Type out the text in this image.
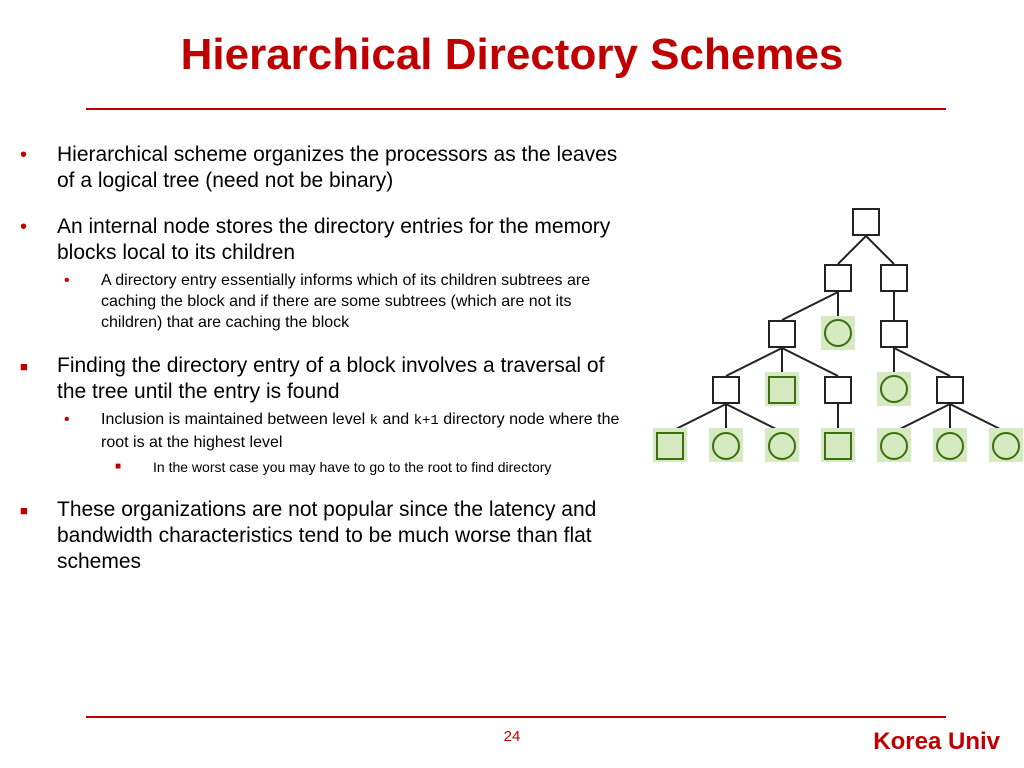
Hierarchical Directory Schemes
• Hierarchical scheme organizes the processors as the leaves of a logical tree (need not be binary)
• An internal node stores the directory entries for the memory blocks local to its children
• A directory entry essentially informs which of its children subtrees are caching the block and if there are some subtrees (which are not its children) that are caching the block
■ Finding the directory entry of a block involves a traversal of the tree until the entry is found
• Inclusion is maintained between level k and k+1 directory node where the root is at the highest level
■ In the worst case you may have to go to the root to find directory
■ These organizations are not popular since the latency and bandwidth characteristics tend to be much worse than flat schemes
24	Korea Univ
